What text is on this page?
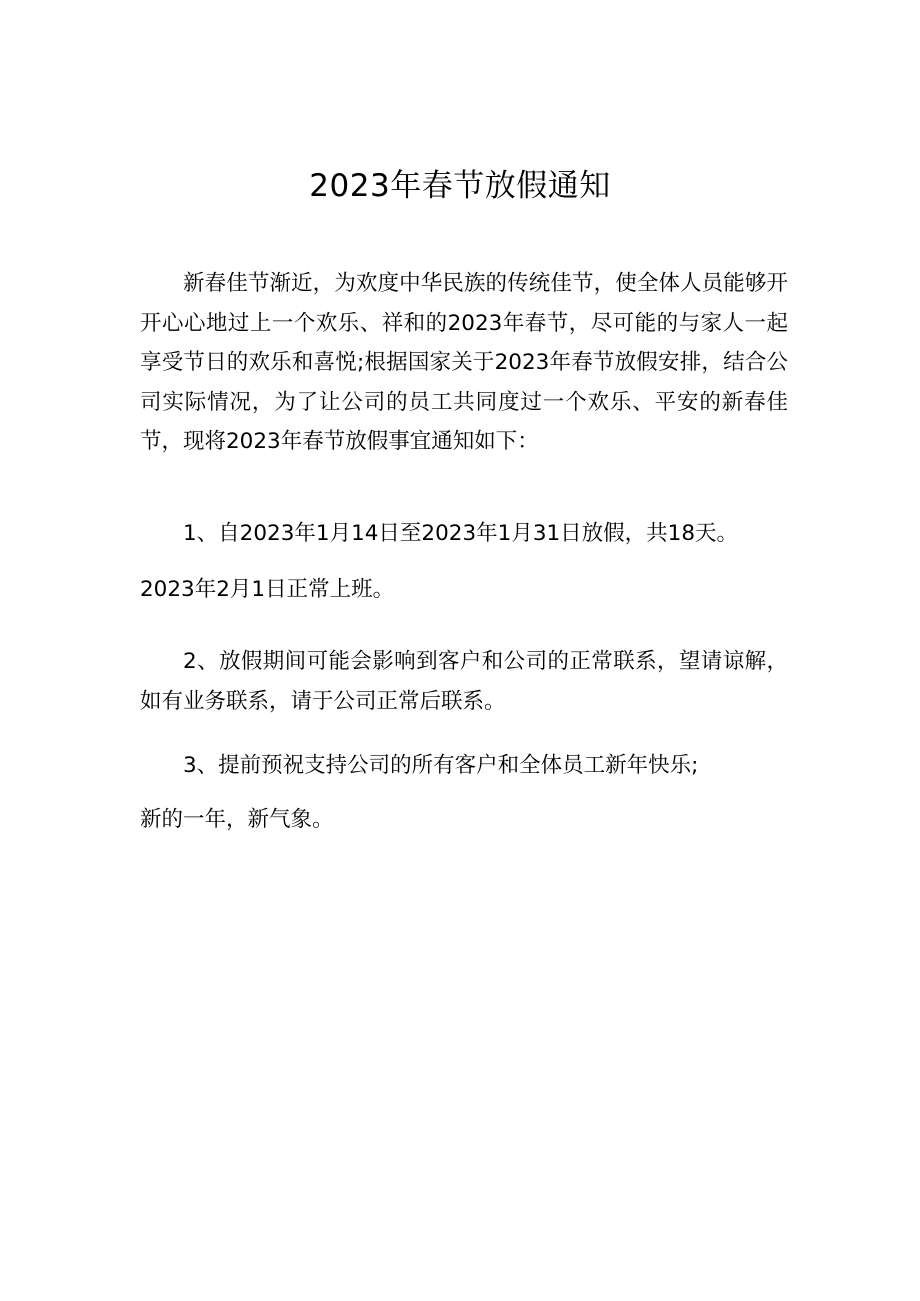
2023年春节放假通知

新春佳节渐近，为欢度中华民族的传统佳节，使全体人员能够开开心心地过上一个欢乐、祥和的2023年春节，尽可能的与家人一起享受节日的欢乐和喜悦;根据国家关于2023年春节放假安排，结合公司实际情况，为了让公司的员工共同度过一个欢乐、平安的新春佳节，现将2023年春节放假事宜通知如下：

1、自2023年1月14日至2023年1月31日放假，共18天。

2023年2月1日正常上班。

2、放假期间可能会影响到客户和公司的正常联系，望请谅解，如有业务联系，请于公司正常后联系。

3、提前预祝支持公司的所有客户和全体员工新年快乐;

新的一年，新气象。
